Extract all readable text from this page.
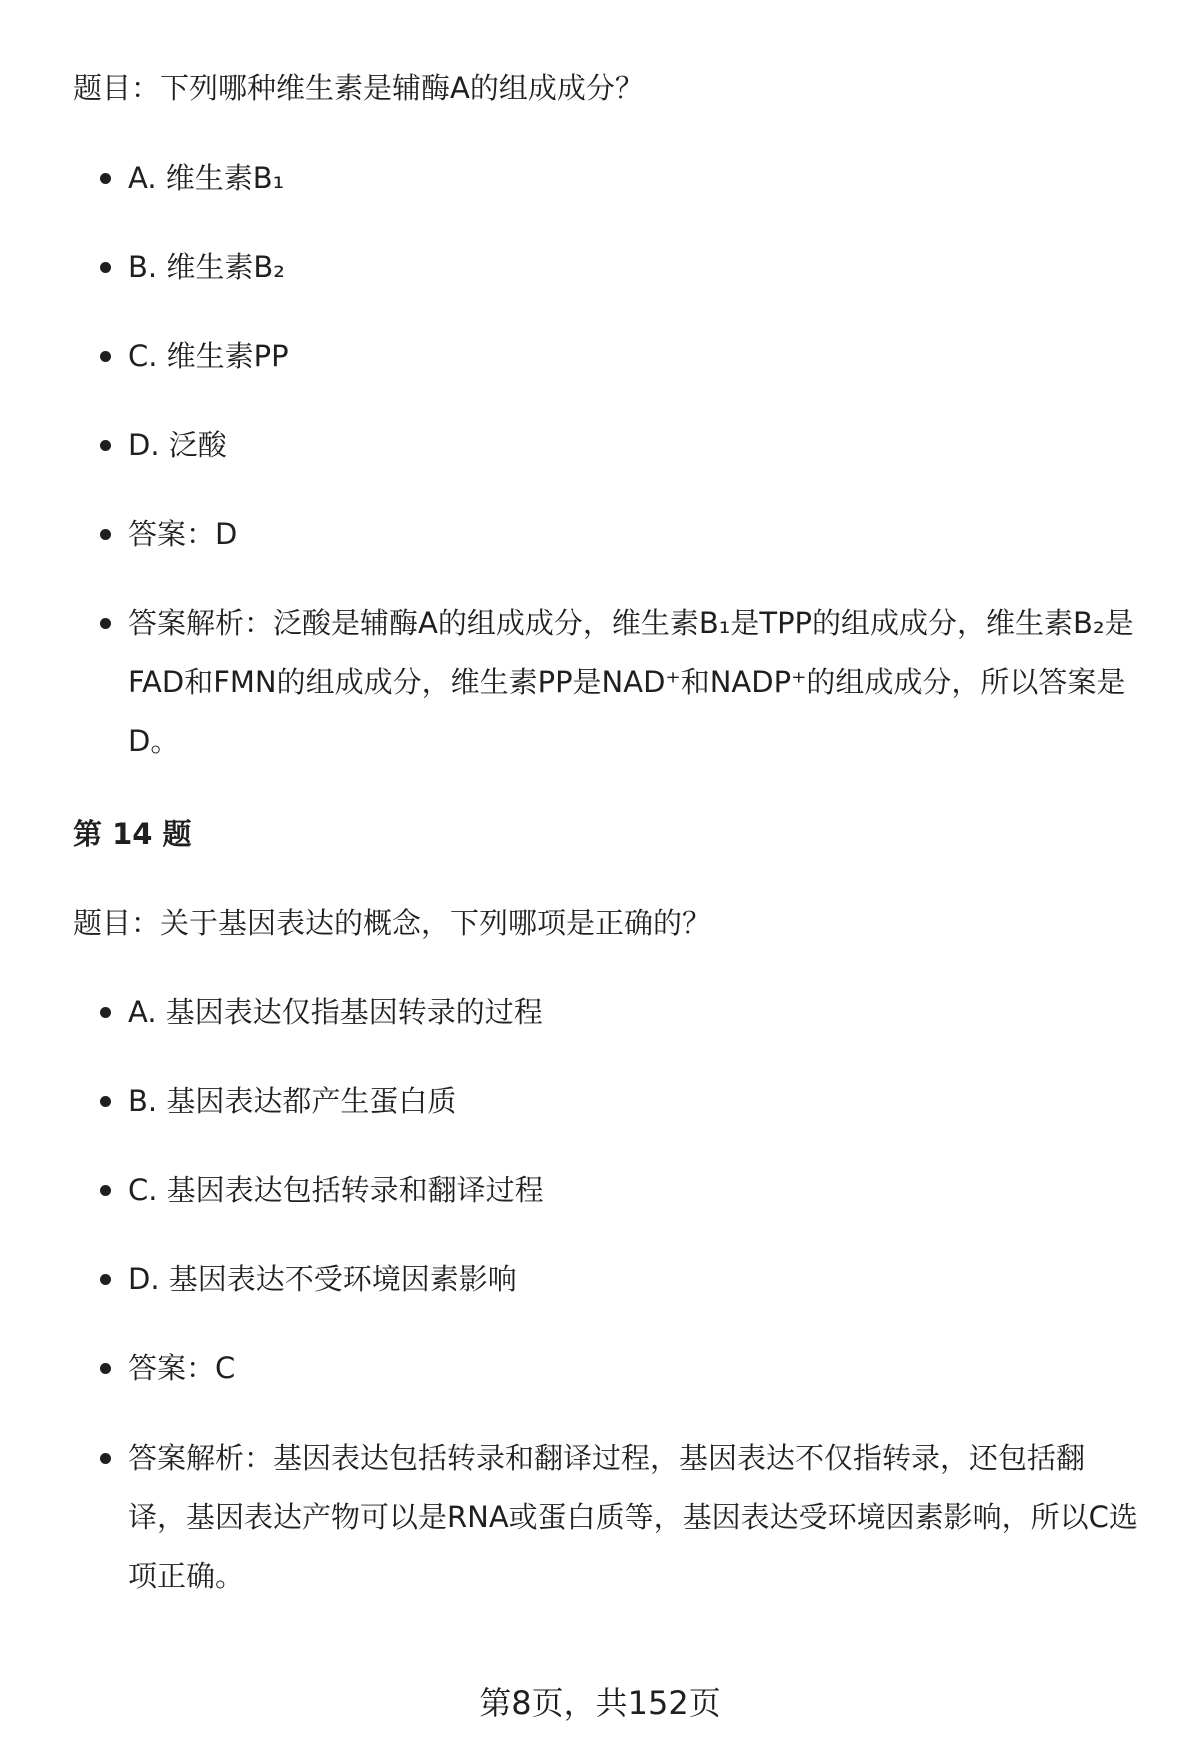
题目：下列哪种维生素是辅酶A的组成成分？

A. 维生素B₁
B. 维生素B₂
C. 维生素PP
D. 泛酸
答案：D
答案解析：泛酸是辅酶A的组成成分，维生素B₁是TPP的组成成分，维生素B₂是FAD和FMN的组成成分，维生素PP是NAD⁺和NADP⁺的组成成分，所以答案是D。
第 14 题

题目：关于基因表达的概念，下列哪项是正确的？

A. 基因表达仅指基因转录的过程
B. 基因表达都产生蛋白质
C. 基因表达包括转录和翻译过程
D. 基因表达不受环境因素影响
答案：C
答案解析：基因表达包括转录和翻译过程，基因表达不仅指转录，还包括翻译，基因表达产物可以是RNA或蛋白质等，基因表达受环境因素影响，所以C选项正确。
第8页，共152页
